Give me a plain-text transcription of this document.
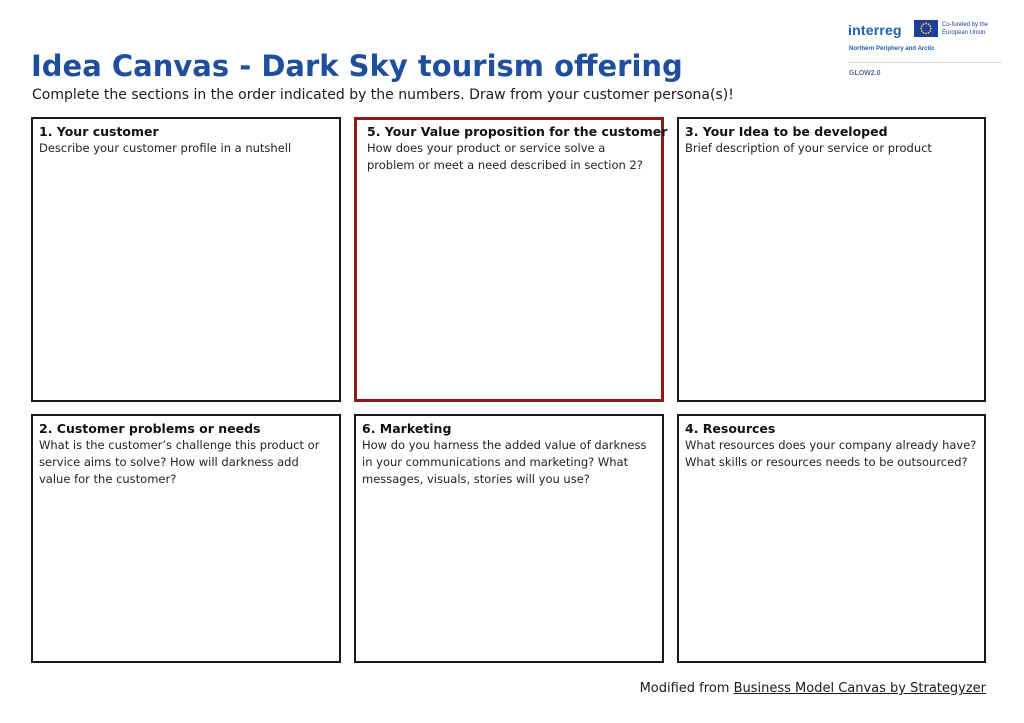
Idea Canvas - Dark Sky tourism offering
Complete the sections in the order indicated by the numbers. Draw from your customer persona(s)!
interreg	Co-funded by the European Union
Northern Periphery and Arctic
GLOW2.0
1. Your customer
Describe your customer profile in a nutshell
5. Your Value proposition for the customer
How does your product or service solve a problem or meet a need described in section 2?
3. Your Idea to be developed
Brief description of your service or product
2. Customer problems or needs
What is the customer’s challenge this product or service aims to solve? How will darkness add value for the customer?
6. Marketing
How do you harness the added value of darkness in your communications and marketing? What messages, visuals, stories will you use?
4. Resources
What resources does your company already have? What skills or resources needs to be outsourced?
Modified from Business Model Canvas by Strategyzer
